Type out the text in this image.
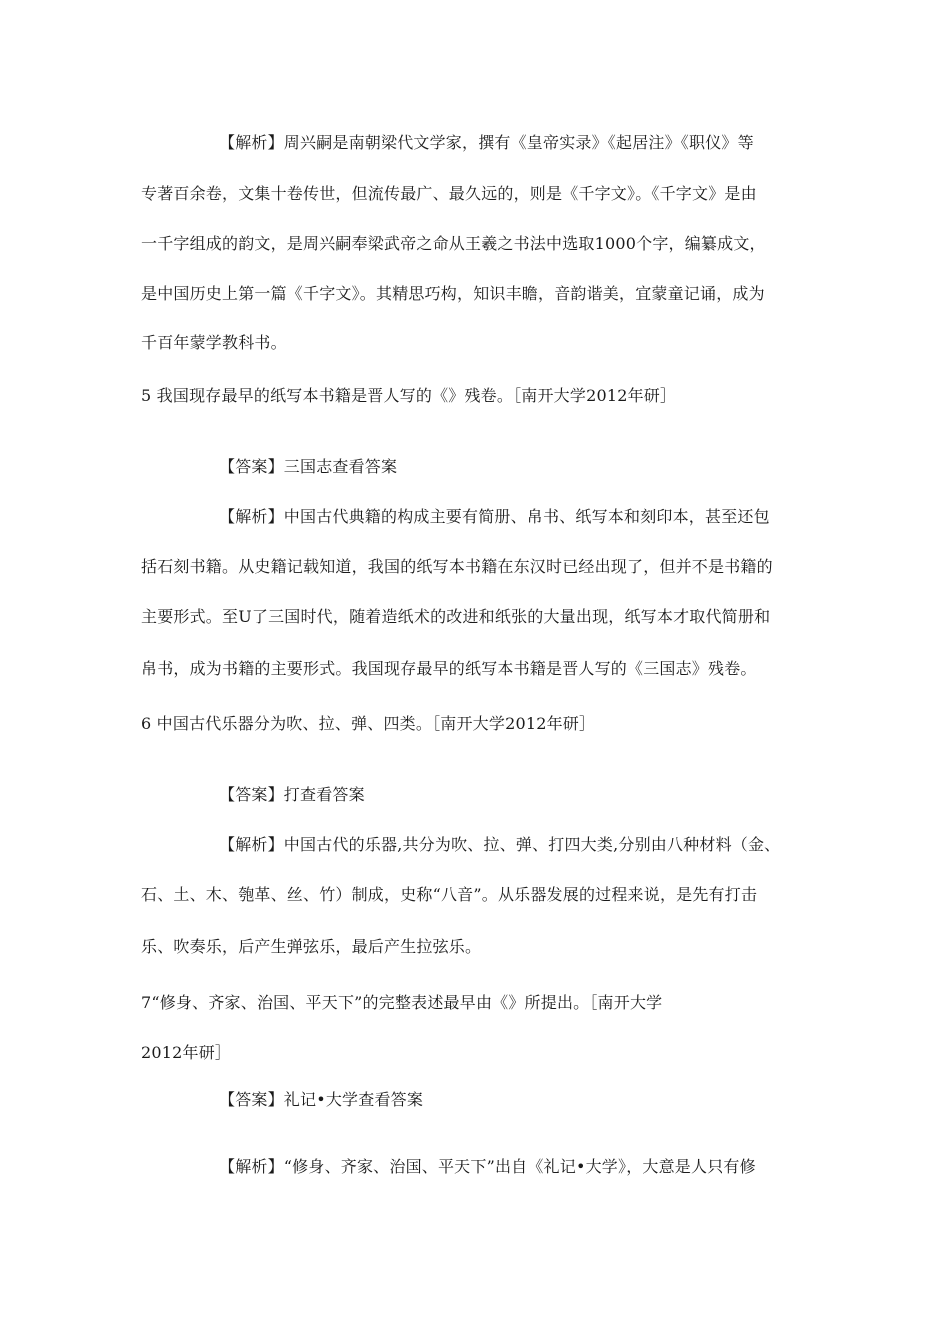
【解析】周兴嗣是南朝梁代文学家，撰有《皇帝实录》《起居注》《职仪》等
专著百余卷，文集十卷传世，但流传最广、最久远的，则是《千字文》。《千字文》是由
一千字组成的韵文，是周兴嗣奉梁武帝之命从王羲之书法中选取1000个字，编纂成文，
是中国历史上第一篇《千字文》。其精思巧构，知识丰瞻，音韵谐美，宜蒙童记诵，成为
千百年蒙学教科书。
5 我国现存最早的纸写本书籍是晋人写的《》残卷。［南开大学2012年研］
【答案】三国志查看答案
【解析】中国古代典籍的构成主要有简册、帛书、纸写本和刻印本，甚至还包
括石刻书籍。从史籍记载知道，我国的纸写本书籍在东汉时已经出现了，但并不是书籍的
主要形式。至U了三国时代，随着造纸术的改进和纸张的大量出现，纸写本才取代简册和
帛书，成为书籍的主要形式。我国现存最早的纸写本书籍是晋人写的《三国志》残卷。
6 中国古代乐器分为吹、拉、弹、四类。［南开大学2012年研］
【答案】打查看答案
【解析】中国古代的乐器,共分为吹、拉、弹、打四大类,分别由八种材料（金、
石、土、木、匏革、丝、竹）制成，史称“八音”。从乐器发展的过程来说，是先有打击
乐、吹奏乐，后产生弹弦乐，最后产生拉弦乐。
7“修身、齐家、治国、平天下”的完整表述最早由《》所提出。［南开大学
2012年研］
【答案】礼记•大学查看答案
【解析】“修身、齐家、治国、平天下”出自《礼记•大学》，大意是人只有修
